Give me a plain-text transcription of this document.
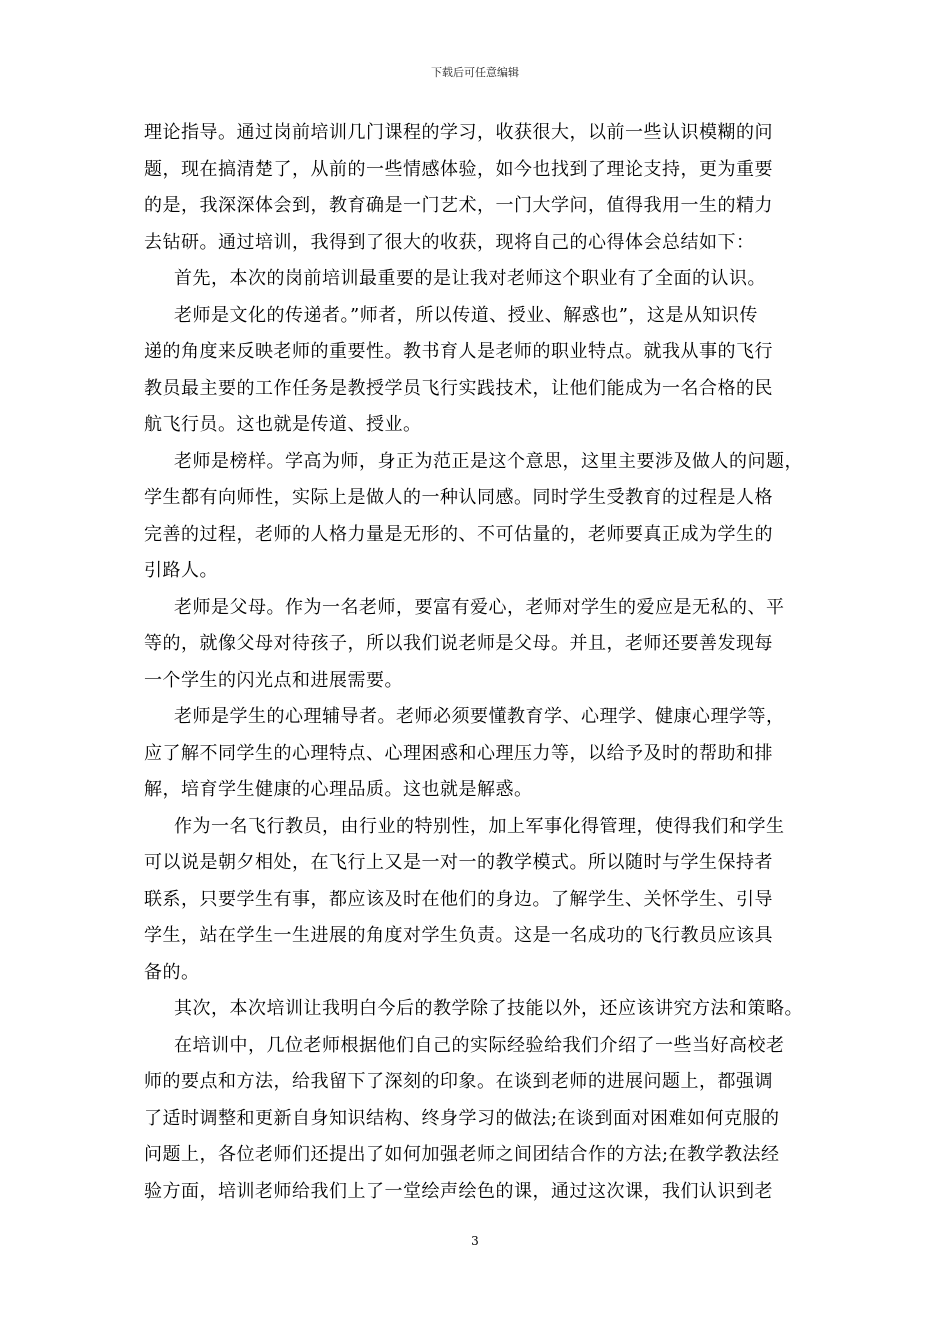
下载后可任意编辑

理论指导。通过岗前培训几门课程的学习，收获很大，以前一些认识模糊的问
题，现在搞清楚了，从前的一些情感体验，如今也找到了理论支持，更为重要
的是，我深深体会到，教育确是一门艺术，一门大学问，值得我用一生的精力
去钻研。通过培训，我得到了很大的收获，现将自己的心得体会总结如下：

首先，本次的岗前培训最重要的是让我对老师这个职业有了全面的认识。

老师是文化的传递者。”师者，所以传道、授业、解惑也”，这是从知识传
递的角度来反映老师的重要性。教书育人是老师的职业特点。就我从事的飞行
教员最主要的工作任务是教授学员飞行实践技术，让他们能成为一名合格的民
航飞行员。这也就是传道、授业。

老师是榜样。学高为师，身正为范正是这个意思，这里主要涉及做人的问题，
学生都有向师性，实际上是做人的一种认同感。同时学生受教育的过程是人格
完善的过程，老师的人格力量是无形的、不可估量的，老师要真正成为学生的
引路人。

老师是父母。作为一名老师，要富有爱心，老师对学生的爱应是无私的、平
等的，就像父母对待孩子，所以我们说老师是父母。并且，老师还要善发现每
一个学生的闪光点和进展需要。

老师是学生的心理辅导者。老师必须要懂教育学、心理学、健康心理学等，
应了解不同学生的心理特点、心理困惑和心理压力等，以给予及时的帮助和排
解，培育学生健康的心理品质。这也就是解惑。

作为一名飞行教员，由行业的特别性，加上军事化得管理，使得我们和学生
可以说是朝夕相处，在飞行上又是一对一的教学模式。所以随时与学生保持者
联系，只要学生有事，都应该及时在他们的身边。了解学生、关怀学生、引导
学生，站在学生一生进展的角度对学生负责。这是一名成功的飞行教员应该具
备的。

其次，本次培训让我明白今后的教学除了技能以外，还应该讲究方法和策略。

在培训中，几位老师根据他们自己的实际经验给我们介绍了一些当好高校老
师的要点和方法，给我留下了深刻的印象。在谈到老师的进展问题上，都强调
了适时调整和更新自身知识结构、终身学习的做法;在谈到面对困难如何克服的
问题上，各位老师们还提出了如何加强老师之间团结合作的方法;在教学教法经
验方面，培训老师给我们上了一堂绘声绘色的课，通过这次课，我们认识到老

3
